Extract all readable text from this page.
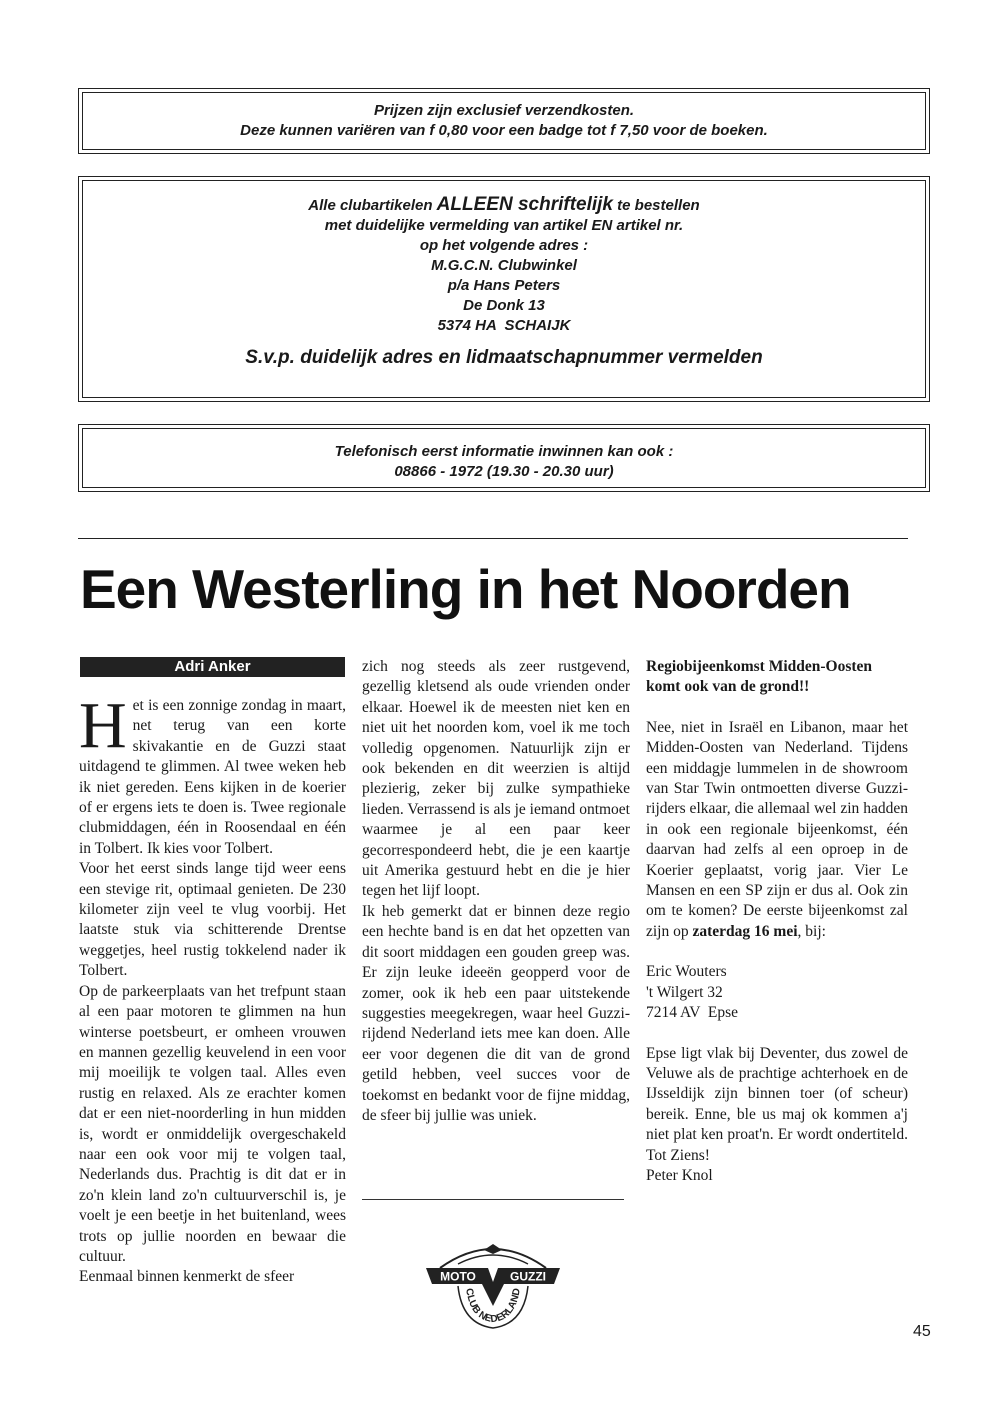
Prijzen zijn exclusief verzendkosten.
Deze kunnen variëren van f 0,80 voor een badge tot f 7,50 voor de boeken.
Alle clubartikelen ALLEEN schriftelijk te bestellen
met duidelijke vermelding van artikel EN artikel nr.
op het volgende adres :
M.G.C.N. Clubwinkel
p/a Hans Peters
De Donk 13
5374 HA  SCHAIJK
S.v.p. duidelijk adres en lidmaatschapnummer vermelden
Telefonisch eerst informatie inwinnen kan ook :
08866 - 1972 (19.30 - 20.30 uur)
Een Westerling in het Noorden
Adri Anker

Het is een zonnige zondag in maart, net terug van een korte skivakantie en de Guzzi staat uitdagend te glimmen. Al twee weken heb ik niet gereden. Eens kijken in de koerier of er ergens iets te doen is. Twee regionale clubmiddagen, één in Roosendaal en één in Tolbert. Ik kies voor Tolbert.

Voor het eerst sinds lange tijd weer eens een stevige rit, optimaal genieten. De 230 kilometer zijn veel te vlug voorbij. Het laatste stuk via schitterende Drentse weggetjes, heel rustig tokkelend nader ik Tolbert.

Op de parkeerplaats van het trefpunt staan al een paar motoren te glimmen na hun winterse poetsbeurt, er omheen vrouwen en mannen gezellig keuvelend in een voor mij moeilijk te volgen taal. Alles even rustig en relaxed. Als ze erachter komen dat er een niet-noorderling in hun midden is, wordt er onmiddelijk overgeschakeld naar een ook voor mij te volgen taal, Nederlands dus. Prachtig is dit dat er in zo'n klein land zo'n cultuurverschil is, je voelt je een beetje in het buitenland, wees trots op jullie noorden en bewaar die cultuur.

Eenmaal binnen kenmerkt de sfeer

zich nog steeds als zeer rustgevend, gezellig kletsend als oude vrienden onder elkaar. Hoewel ik de meesten niet ken en niet uit het noorden kom, voel ik me toch volledig opgenomen. Natuurlijk zijn er ook bekenden en dit weerzien is altijd plezierig, zeker bij zulke sympathieke lieden. Verrassend is als je iemand ontmoet waarmee je al een paar keer gecorrespondeerd hebt, die je een kaartje uit Amerika gestuurd hebt en die je hier tegen het lijf loopt.

Ik heb gemerkt dat er binnen deze regio een hechte band is en dat het opzetten van dit soort middagen een gouden greep was. Er zijn leuke ideeën geopperd voor de zomer, ook ik heb een paar uitstekende suggesties meegekregen, waar heel Guzzi-rijdend Nederland iets mee kan doen. Alle eer voor degenen die dit van de grond getild hebben, veel succes voor de toekomst en bedankt voor de fijne middag, de sfeer bij jullie was uniek.

MOTO	GUZZI
CLUB NEDERLAND

Regiobijeenkomst Midden-Oosten komt ook van de grond!!

Nee, niet in Israël en Libanon, maar het Midden-Oosten van Nederland. Tijdens een middagje lummelen in de showroom van Star Twin ontmoetten diverse Guzzi-rijders elkaar, die allemaal wel zin hadden in ook een regionale bijeenkomst, één daarvan had zelfs al een oproep in de Koerier geplaatst, vorig jaar. Vier Le Mansen en een SP zijn er dus al. Ook zin om te komen? De eerste bijeenkomst zal zijn op zaterdag 16 mei, bij:

Eric Wouters

't Wilgert 32

7214 AV  Epse

Epse ligt vlak bij Deventer, dus zowel de Veluwe als de prachtige achterhoek en de IJsseldijk zijn binnen toer (of scheur) bereik. Enne, ble us maj ok kommen a'j niet plat ken proat'n. Er wordt ondertiteld. Tot Ziens!

Peter Knol

45
